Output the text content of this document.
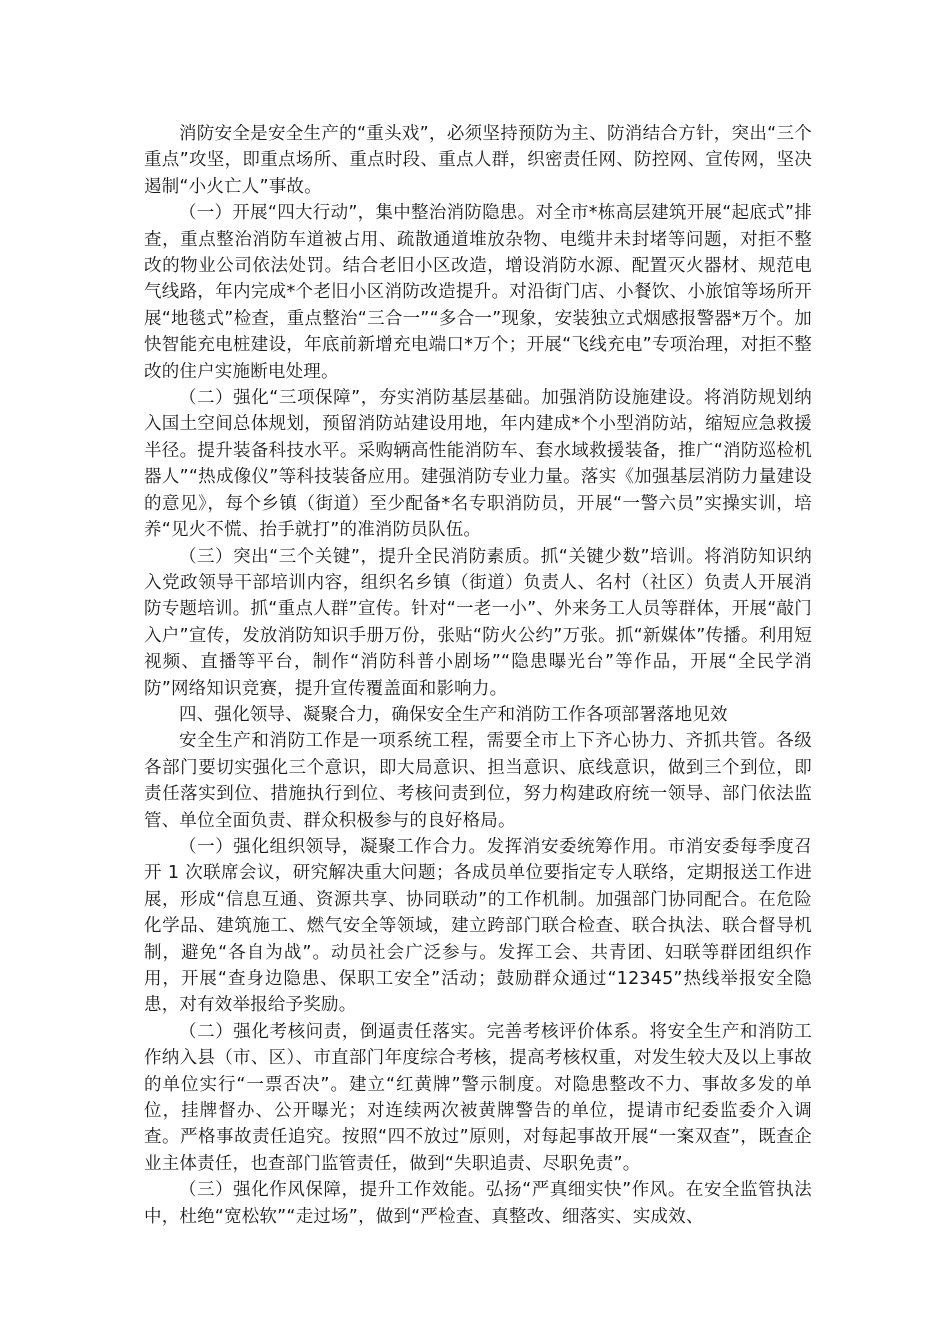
消防安全是安全生产的“重头戏”，必须坚持预防为主、防消结合方针，突出“三个重点”攻坚，即重点场所、重点时段、重点人群，织密责任网、防控网、宣传网，坚决遏制“小火亡人”事故。

（一）开展“四大行动”，集中整治消防隐患。对全市*栋高层建筑开展“起底式”排查，重点整治消防车道被占用、疏散通道堆放杂物、电缆井未封堵等问题，对拒不整改的物业公司依法处罚。结合老旧小区改造，增设消防水源、配置灭火器材、规范电气线路，年内完成*个老旧小区消防改造提升。对沿街门店、小餐饮、小旅馆等场所开展“地毯式”检查，重点整治“三合一”“多合一”现象，安装独立式烟感报警器*万个。加快智能充电桩建设，年底前新增充电端口*万个；开展“飞线充电”专项治理，对拒不整改的住户实施断电处理。

（二）强化“三项保障”，夯实消防基层基础。加强消防设施建设。将消防规划纳入国土空间总体规划，预留消防站建设用地，年内建成*个小型消防站，缩短应急救援半径。提升装备科技水平。采购辆高性能消防车、套水域救援装备，推广“消防巡检机器人”“热成像仪”等科技装备应用。建强消防专业力量。落实《加强基层消防力量建设的意见》，每个乡镇（街道）至少配备*名专职消防员，开展“一警六员”实操实训，培养“见火不慌、抬手就打”的准消防员队伍。

（三）突出“三个关键”，提升全民消防素质。抓“关键少数”培训。将消防知识纳入党政领导干部培训内容，组织名乡镇（街道）负责人、名村（社区）负责人开展消防专题培训。抓“重点人群”宣传。针对“一老一小”、外来务工人员等群体，开展“敲门入户”宣传，发放消防知识手册万份，张贴“防火公约”万张。抓“新媒体”传播。利用短视频、直播等平台，制作“消防科普小剧场”“隐患曝光台”等作品，开展“全民学消防”网络知识竞赛，提升宣传覆盖面和影响力。

四、强化领导、凝聚合力，确保安全生产和消防工作各项部署落地见效

安全生产和消防工作是一项系统工程，需要全市上下齐心协力、齐抓共管。各级各部门要切实强化三个意识，即大局意识、担当意识、底线意识，做到三个到位，即责任落实到位、措施执行到位、考核问责到位，努力构建政府统一领导、部门依法监管、单位全面负责、群众积极参与的良好格局。

（一）强化组织领导，凝聚工作合力。发挥消安委统筹作用。市消安委每季度召开 1 次联席会议，研究解决重大问题；各成员单位要指定专人联络，定期报送工作进展，形成“信息互通、资源共享、协同联动”的工作机制。加强部门协同配合。在危险化学品、建筑施工、燃气安全等领域，建立跨部门联合检查、联合执法、联合督导机制，避免“各自为战”。动员社会广泛参与。发挥工会、共青团、妇联等群团组织作用，开展“查身边隐患、保职工安全”活动；鼓励群众通过“12345”热线举报安全隐患，对有效举报给予奖励。

（二）强化考核问责，倒逼责任落实。完善考核评价体系。将安全生产和消防工作纳入县（市、区）、市直部门年度综合考核，提高考核权重，对发生较大及以上事故的单位实行“一票否决”。建立“红黄牌”警示制度。对隐患整改不力、事故多发的单位，挂牌督办、公开曝光；对连续两次被黄牌警告的单位，提请市纪委监委介入调查。严格事故责任追究。按照“四不放过”原则，对每起事故开展“一案双查”，既查企业主体责任，也查部门监管责任，做到“失职追责、尽职免责”。

（三）强化作风保障，提升工作效能。弘扬“严真细实快”作风。在安全监管执法中，杜绝“宽松软”“走过场”，做到“严检查、真整改、细落实、实成效、
